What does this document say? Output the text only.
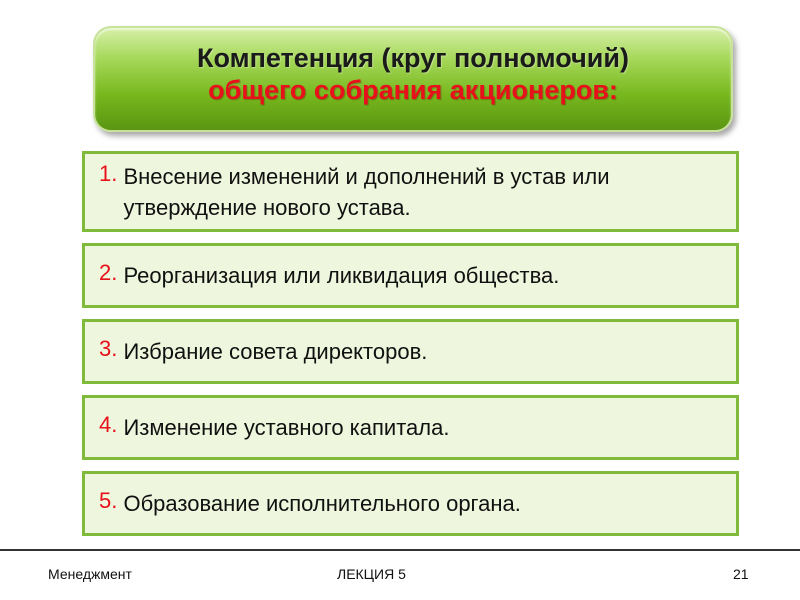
Компетенция (круг полномочий)
общего собрания акционеров:
1. Внесение изменений и дополнений в устав или утверждение нового устава.
2. Реорганизация или ликвидация общества.
3. Избрание совета директоров.
4. Изменение уставного капитала.
5. Образование исполнительного органа.
Менеджмент	ЛЕКЦИЯ 5	21
